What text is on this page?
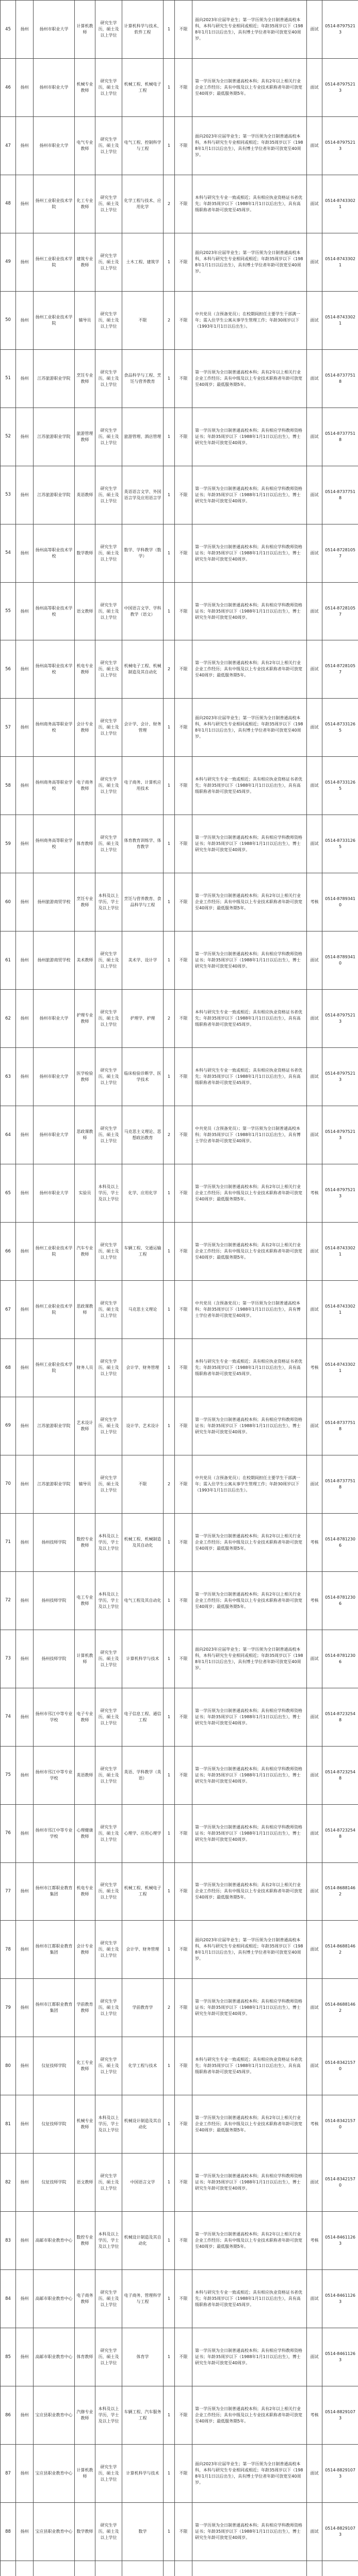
45	扬州	扬州市职业大学	计算机教师	研究生学历，硕士及以上学位	计算机科学与技术、软件工程	1	不限	面向2023年应届毕业生；第一学历须为全日制普通高校本科，本科与研究生专业相同或相近；年龄35周岁以下（1988年1月1日以后出生），具有博士学位者年龄可放宽至40周岁。	面试	0514-87975213
46	扬州	扬州市职业大学	机械专业教师	研究生学历，硕士及以上学位	机械工程、机械电子工程	1	不限	第一学历须为全日制普通高校本科；具有2年以上相关行业企业工作经历；具有中级及以上专业技术职称者年龄可放宽至40周岁；最低服务期5年。	面试	0514-87975213
47	扬州	扬州市职业大学	电气专业教师	研究生学历，硕士及以上学位	电气工程、控制科学与工程	1	不限	面向2023年应届毕业生；第一学历须为全日制普通高校本科，本科与研究生专业相同或相近；年龄35周岁以下（1988年1月1日以后出生），具有博士学位者年龄可放宽至40周岁。	面试	0514-87975213
48	扬州	扬州工业职业技术学院	化工专业教师	研究生学历，硕士及以上学位	化学工程与技术、应用化学	2	不限	本科与研究生专业一致或相近；具有相应执业资格证书者优先；年龄35周岁以下（1988年1月1日以后出生），具有高级职称者年龄可放宽至45周岁。	面试	0514-87433021
49	扬州	扬州工业职业技术学院	建筑专业教师	研究生学历，硕士及以上学位	土木工程、建筑学	1	不限	面向2023年应届毕业生；第一学历须为全日制普通高校本科，本科与研究生专业相同或相近；年龄35周岁以下（1988年1月1日以后出生），具有博士学位者年龄可放宽至40周岁。	面试	0514-87433021
50	扬州	扬州工业职业技术学院	辅导员	研究生学历，硕士及以上学位	不限	2	不限	中共党员（含预备党员）；在校期间担任主要学生干部满一年；需入住学生公寓从事学生管理工作；年龄30周岁以下（1993年1月1日以后出生）。	面试	0514-87433021
51	扬州	江苏旅游职业学院	烹饪专业教师	研究生学历，硕士及以上学位	食品科学与工程、烹饪与营养教育	1	不限	第一学历须为全日制普通高校本科；具有2年以上相关行业企业工作经历；具有中级及以上专业技术职称者年龄可放宽至40周岁；最低服务期5年。	面试	0514-87377518
52	扬州	江苏旅游职业学院	旅游管理教师	研究生学历，硕士及以上学位	旅游管理、酒店管理	1	不限	第一学历须为全日制普通高校本科；具有相应学科教师资格证书；年龄35周岁以下（1988年1月1日以后出生），博士研究生年龄可放宽至40周岁。	面试	0514-87377518
53	扬州	江苏旅游职业学院	英语教师	研究生学历，硕士及以上学位	英语语言文学、外国语言学及应用语言学	1	不限	第一学历须为全日制普通高校本科；具有相应学科教师资格证书；年龄35周岁以下（1988年1月1日以后出生），博士研究生年龄可放宽至40周岁。	面试	0514-87377518
54	扬州	扬州高等职业技术学校	数学教师	研究生学历，硕士及以上学位	数学、学科教学（数学）	1	不限	第一学历须为全日制普通高校本科；具有相应学科教师资格证书；年龄35周岁以下（1988年1月1日以后出生），博士研究生年龄可放宽至40周岁。	面试	0514-87281057
55	扬州	扬州高等职业技术学校	语文教师	研究生学历，硕士及以上学位	中国语言文学、学科教学（语文）	1	不限	第一学历须为全日制普通高校本科；具有相应学科教师资格证书；年龄35周岁以下（1988年1月1日以后出生），博士研究生年龄可放宽至40周岁。	面试	0514-87281057
56	扬州	扬州高等职业技术学校	机电专业教师	研究生学历，硕士及以上学位	机械电子工程、机械制造及其自动化	2	不限	第一学历须为全日制普通高校本科；具有2年以上相关行业企业工作经历；具有中级及以上专业技术职称者年龄可放宽至40周岁；最低服务期5年。	面试	0514-87281057
57	扬州	扬州商务高等职业学校	会计专业教师	研究生学历，硕士及以上学位	会计学、会计、财务管理	1	不限	面向2023年应届毕业生；第一学历须为全日制普通高校本科，本科与研究生专业相同或相近；年龄35周岁以下（1988年1月1日以后出生），具有博士学位者年龄可放宽至40周岁。	面试	0514-87331265
58	扬州	扬州商务高等职业学校	电子商务教师	研究生学历，硕士及以上学位	电子商务、计算机应用技术	1	不限	本科与研究生专业一致或相近；具有相应执业资格证书者优先；年龄35周岁以下（1988年1月1日以后出生），具有高级职称者年龄可放宽至45周岁。	面试	0514-87331265
59	扬州	扬州商务高等职业学校	体育教师	研究生学历，硕士及以上学位	体育教育训练学、体育教学	1	不限	第一学历须为全日制普通高校本科；具有相应学科教师资格证书；年龄35周岁以下（1988年1月1日以后出生），博士研究生年龄可放宽至40周岁。	面试	0514-87331265
60	扬州	扬州旅游商贸学校	烹饪专业教师	本科及以上学历，学士及以上学位	烹饪与营养教育、食品科学与工程	1	不限	第一学历须为全日制普通高校本科；具有2年以上相关行业企业工作经历；具有中级及以上专业技术职称者年龄可放宽至40周岁；最低服务期5年。	考核	0514-87893410
61	扬州	扬州旅游商贸学校	美术教师	研究生学历，硕士及以上学位	美术学、设计学	1	不限	第一学历须为全日制普通高校本科；具有相应学科教师资格证书；年龄35周岁以下（1988年1月1日以后出生），博士研究生年龄可放宽至40周岁。	面试	0514-87893410
62	扬州	扬州市职业大学	护理专业教师	研究生学历，硕士及以上学位	护理学、护理	2	不限	本科与研究生专业一致或相近；具有相应执业资格证书者优先；年龄35周岁以下（1988年1月1日以后出生），具有高级职称者年龄可放宽至45周岁。	面试	0514-87975213
63	扬州	扬州市职业大学	医学检验教师	研究生学历，硕士及以上学位	临床检验诊断学、医学技术	1	不限	本科与研究生专业一致或相近；具有相应执业资格证书者优先；年龄35周岁以下（1988年1月1日以后出生），具有高级职称者年龄可放宽至45周岁。	面试	0514-87975213
64	扬州	扬州市职业大学	思政课教师	研究生学历，硕士及以上学位	马克思主义理论、思想政治教育	2	不限	中共党员（含预备党员）；第一学历须为全日制普通高校本科；年龄35周岁以下（1988年1月1日以后出生），具有博士学位者年龄可放宽至40周岁。	面试	0514-87975213
65	扬州	扬州市职业大学	实验员	本科及以上学历，学士及以上学位	化学、应用化学	1	不限	第一学历须为全日制普通高校本科；具有2年以上相关行业企业工作经历；具有中级及以上专业技术职称者年龄可放宽至40周岁；最低服务期5年。	考核	0514-87975213
66	扬州	扬州工业职业技术学院	汽车专业教师	研究生学历，硕士及以上学位	车辆工程、交通运输工程	1	不限	第一学历须为全日制普通高校本科；具有2年以上相关行业企业工作经历；具有中级及以上专业技术职称者年龄可放宽至40周岁；最低服务期5年。	面试	0514-87433021
67	扬州	扬州工业职业技术学院	思政课教师	研究生学历，硕士及以上学位	马克思主义理论	1	不限	中共党员（含预备党员）；第一学历须为全日制普通高校本科；年龄35周岁以下（1988年1月1日以后出生），具有博士学位者年龄可放宽至40周岁。	面试	0514-87433021
68	扬州	扬州工业职业技术学院	财务人员	研究生学历，硕士及以上学位	会计学、财务管理	1	不限	本科与研究生专业一致或相近；具有相应执业资格证书者优先；年龄35周岁以下（1988年1月1日以后出生），具有高级职称者年龄可放宽至45周岁。	考核	0514-87433021
69	扬州	江苏旅游职业学院	艺术设计教师	研究生学历，硕士及以上学位	设计学、艺术设计	1	不限	第一学历须为全日制普通高校本科；具有相应学科教师资格证书；年龄35周岁以下（1988年1月1日以后出生），博士研究生年龄可放宽至40周岁。	面试	0514-87377518
70	扬州	江苏旅游职业学院	辅导员	研究生学历，硕士及以上学位	不限	2	不限	中共党员（含预备党员）；在校期间担任主要学生干部满一年；需入住学生公寓从事学生管理工作；年龄30周岁以下（1993年1月1日以后出生）。	面试	0514-87377518
71	扬州	扬州技师学院	数控专业教师	本科及以上学历，学士及以上学位	机械工程、机械制造及其自动化	1	不限	第一学历须为全日制普通高校本科；具有2年以上相关行业企业工作经历；具有中级及以上专业技术职称者年龄可放宽至40周岁；最低服务期5年。	考核	0514-87812306
72	扬州	扬州技师学院	电工专业教师	本科及以上学历，学士及以上学位	电气工程及其自动化	1	不限	第一学历须为全日制普通高校本科；具有2年以上相关行业企业工作经历；具有中级及以上专业技术职称者年龄可放宽至40周岁；最低服务期5年。	考核	0514-87812306
73	扬州	扬州技师学院	计算机教师	研究生学历，硕士及以上学位	计算机科学与技术	1	不限	面向2023年应届毕业生；第一学历须为全日制普通高校本科，本科与研究生专业相同或相近；年龄35周岁以下（1988年1月1日以后出生），具有博士学位者年龄可放宽至40周岁。	面试	0514-87812306
74	扬州	扬州市邗江中等专业学校	电子专业教师	研究生学历，硕士及以上学位	电子信息工程、通信工程	1	不限	第一学历须为全日制普通高校本科；具有相应学科教师资格证书；年龄35周岁以下（1988年1月1日以后出生），博士研究生年龄可放宽至40周岁。	面试	0514-87232548
75	扬州	扬州市邗江中等专业学校	英语教师	研究生学历，硕士及以上学位	英语、学科教学（英语）	1	不限	第一学历须为全日制普通高校本科；具有相应学科教师资格证书；年龄35周岁以下（1988年1月1日以后出生），博士研究生年龄可放宽至40周岁。	面试	0514-87232548
76	扬州	扬州市邗江中等专业学校	心理健康教师	研究生学历，硕士及以上学位	心理学、应用心理学	1	不限	第一学历须为全日制普通高校本科；具有相应学科教师资格证书；年龄35周岁以下（1988年1月1日以后出生），博士研究生年龄可放宽至40周岁。	面试	0514-87232548
77	扬州	扬州市江都职业教育集团	机电专业教师	研究生学历，硕士及以上学位	机械工程、机械电子工程	1	不限	第一学历须为全日制普通高校本科；具有2年以上相关行业企业工作经历；具有中级及以上专业技术职称者年龄可放宽至40周岁；最低服务期5年。	面试	0514-86881462
78	扬州	扬州市江都职业教育集团	会计专业教师	研究生学历，硕士及以上学位	会计学、财务管理	1	不限	面向2023年应届毕业生；第一学历须为全日制普通高校本科，本科与研究生专业相同或相近；年龄35周岁以下（1988年1月1日以后出生），具有博士学位者年龄可放宽至40周岁。	面试	0514-86881462
79	扬州	扬州市江都职业教育集团	学前教育教师	研究生学历，硕士及以上学位	学前教育学	2	不限	第一学历须为全日制普通高校本科；具有相应学科教师资格证书；年龄35周岁以下（1988年1月1日以后出生），博士研究生年龄可放宽至40周岁。	面试	0514-86881462
80	扬州	仪征技师学院	化工专业教师	研究生学历，硕士及以上学位	化学工程与技术	1	不限	本科与研究生专业一致或相近；具有相应执业资格证书者优先；年龄35周岁以下（1988年1月1日以后出生），具有高级职称者年龄可放宽至45周岁。	面试	0514-83421570
81	扬州	仪征技师学院	机械专业教师	本科及以上学历，学士及以上学位	机械设计制造及其自动化	1	不限	第一学历须为全日制普通高校本科；具有2年以上相关行业企业工作经历；具有中级及以上专业技术职称者年龄可放宽至40周岁；最低服务期5年。	考核	0514-83421570
82	扬州	仪征技师学院	语文教师	研究生学历，硕士及以上学位	中国语言文学	1	不限	第一学历须为全日制普通高校本科；具有相应学科教师资格证书；年龄35周岁以下（1988年1月1日以后出生），博士研究生年龄可放宽至40周岁。	面试	0514-83421570
83	扬州	高邮市职业教育中心	数控专业教师	本科及以上学历，学士及以上学位	机械设计制造及其自动化	1	不限	第一学历须为全日制普通高校本科；具有2年以上相关行业企业工作经历；具有中级及以上专业技术职称者年龄可放宽至40周岁；最低服务期5年。	考核	0514-84611263
84	扬州	高邮市职业教育中心	电子商务教师	研究生学历，硕士及以上学位	电子商务、管理科学与工程	1	不限	本科与研究生专业一致或相近；具有相应执业资格证书者优先；年龄35周岁以下（1988年1月1日以后出生），具有高级职称者年龄可放宽至45周岁。	面试	0514-84611263
85	扬州	高邮市职业教育中心	体育教师	研究生学历，硕士及以上学位	体育学	1	不限	第一学历须为全日制普通高校本科；具有相应学科教师资格证书；年龄35周岁以下（1988年1月1日以后出生），博士研究生年龄可放宽至40周岁。	面试	0514-84611263
86	扬州	宝应县职业教育中心	汽修专业教师	本科及以上学历，学士及以上学位	车辆工程、汽车服务工程	1	不限	第一学历须为全日制普通高校本科；具有2年以上相关行业企业工作经历；具有中级及以上专业技术职称者年龄可放宽至40周岁；最低服务期5年。	考核	0514-88291073
87	扬州	宝应县职业教育中心	计算机教师	研究生学历，硕士及以上学位	计算机科学与技术	1	不限	面向2023年应届毕业生；第一学历须为全日制普通高校本科，本科与研究生专业相同或相近；年龄35周岁以下（1988年1月1日以后出生），具有博士学位者年龄可放宽至40周岁。	面试	0514-88291073
88	扬州	宝应县职业教育中心	数学教师	研究生学历，硕士及以上学位	数学	1	不限	第一学历须为全日制普通高校本科；具有相应学科教师资格证书；年龄35周岁以下（1988年1月1日以后出生），博士研究生年龄可放宽至40周岁。	面试	0514-88291073
